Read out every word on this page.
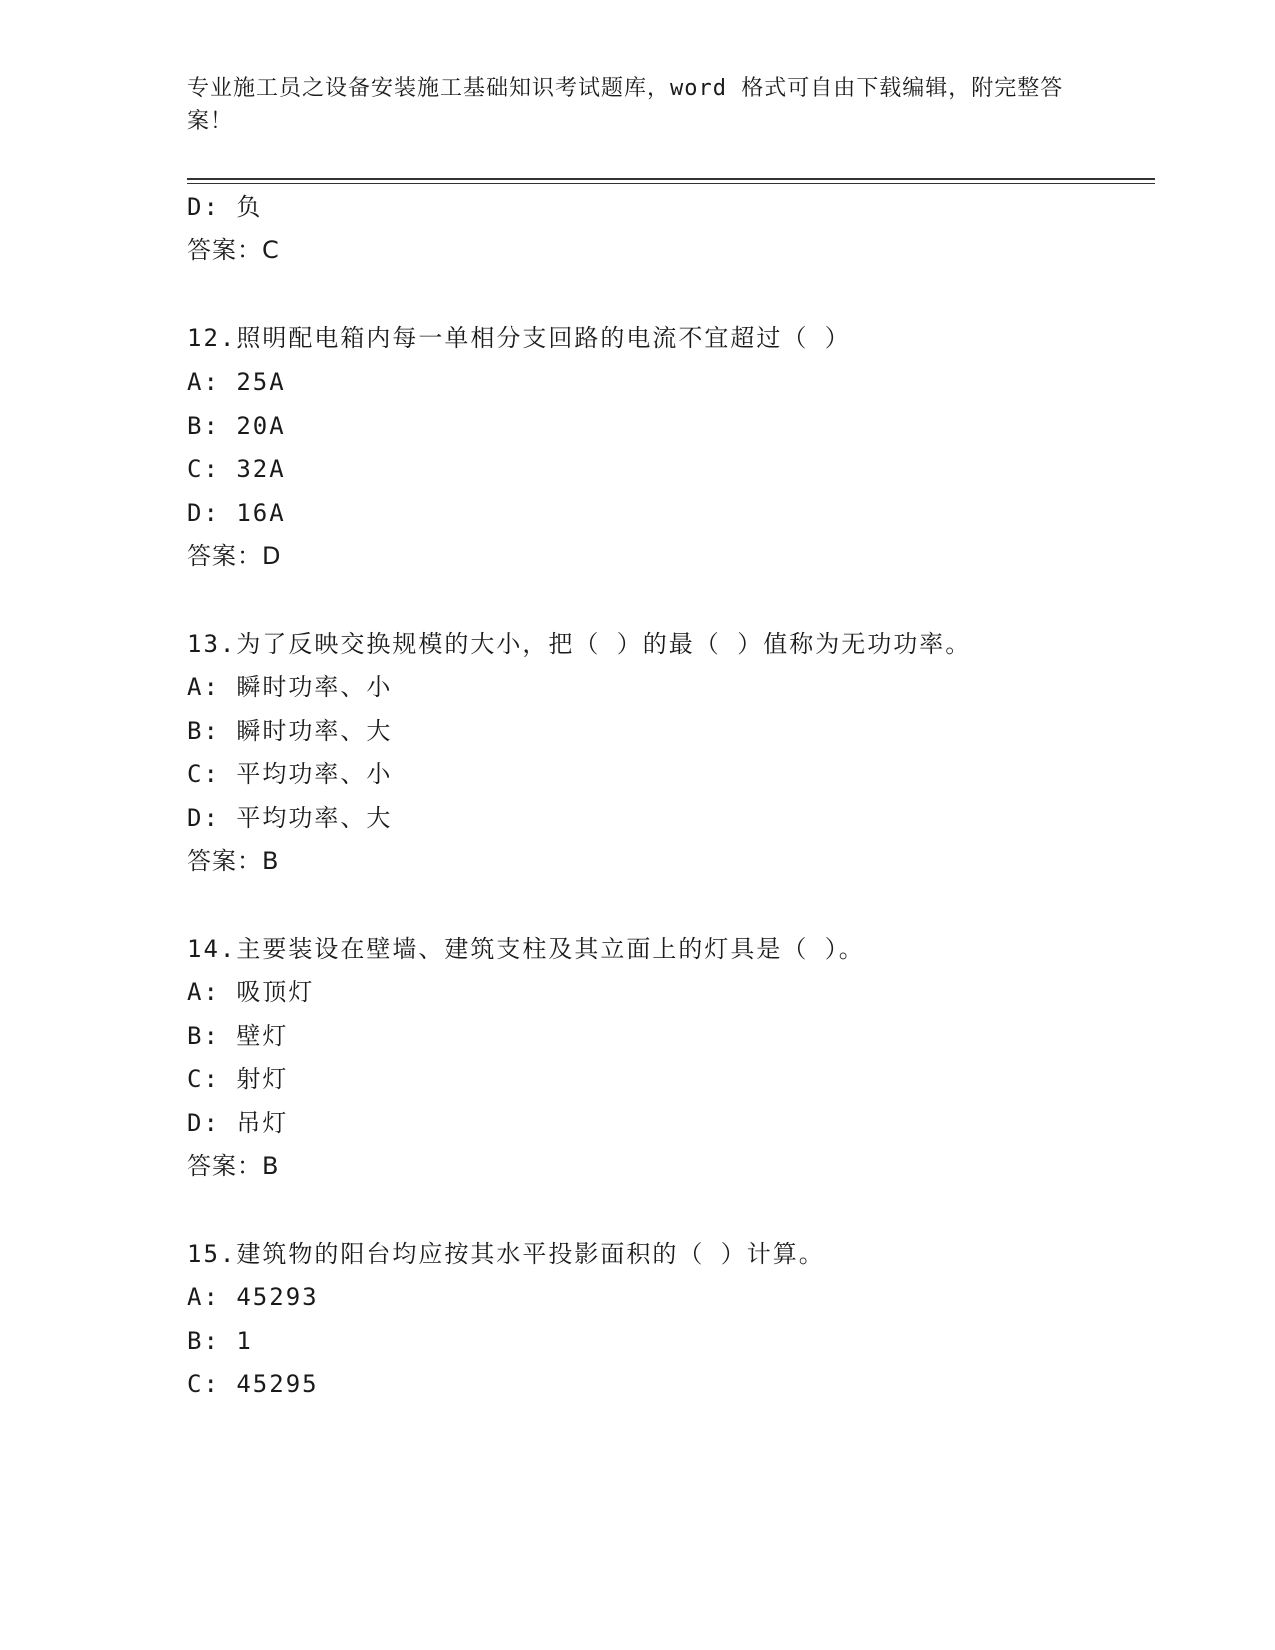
专业施工员之设备安装施工基础知识考试题库，word 格式可自由下载编辑，附完整答案！
D: 负
答案：C
12.照明配电箱内每一单相分支回路的电流不宜超过（ ）
A: 25A
B: 20A
C: 32A
D: 16A
答案：D
13.为了反映交换规模的大小，把（ ）的最（ ）值称为无功功率。
A: 瞬时功率、小
B: 瞬时功率、大
C: 平均功率、小
D: 平均功率、大
答案：B
14.主要装设在壁墙、建筑支柱及其立面上的灯具是（ ）。
A: 吸顶灯
B: 壁灯
C: 射灯
D: 吊灯
答案：B
15.建筑物的阳台均应按其水平投影面积的（ ）计算。
A: 45293
B: 1
C: 45295
